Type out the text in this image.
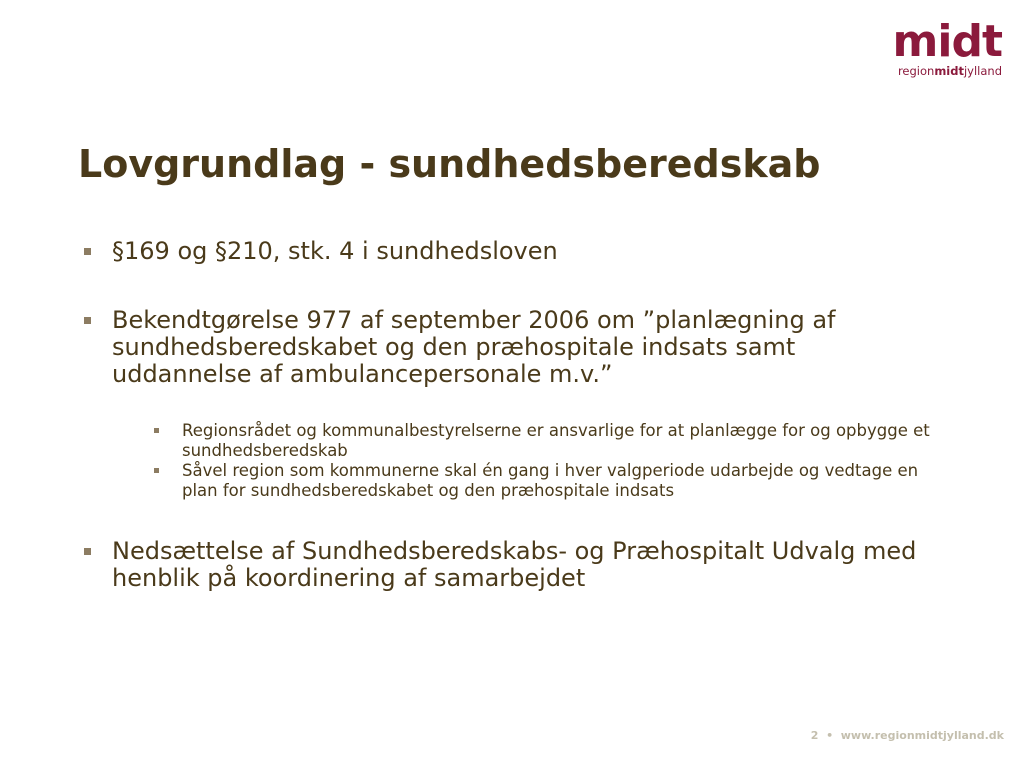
midt
regionmidtjylland
Lovgrundlag - sundhedsberedskab
§169 og §210, stk. 4 i sundhedsloven
Bekendtgørelse 977 af september 2006 om ”planlægning af sundhedsberedskabet og den præhospitale indsats samt uddannelse af ambulancepersonale m.v.”
Regionsrådet og kommunalbestyrelserne er ansvarlige for at planlægge for og opbygge et sundhedsberedskab
Såvel region som kommunerne skal én gang i hver valgperiode udarbejde og vedtage en plan for sundhedsberedskabet og den præhospitale indsats
Nedsættelse af Sundhedsberedskabs- og Præhospitalt Udvalg med henblik på koordinering af samarbejdet
2 • www.regionmidtjylland.dk
